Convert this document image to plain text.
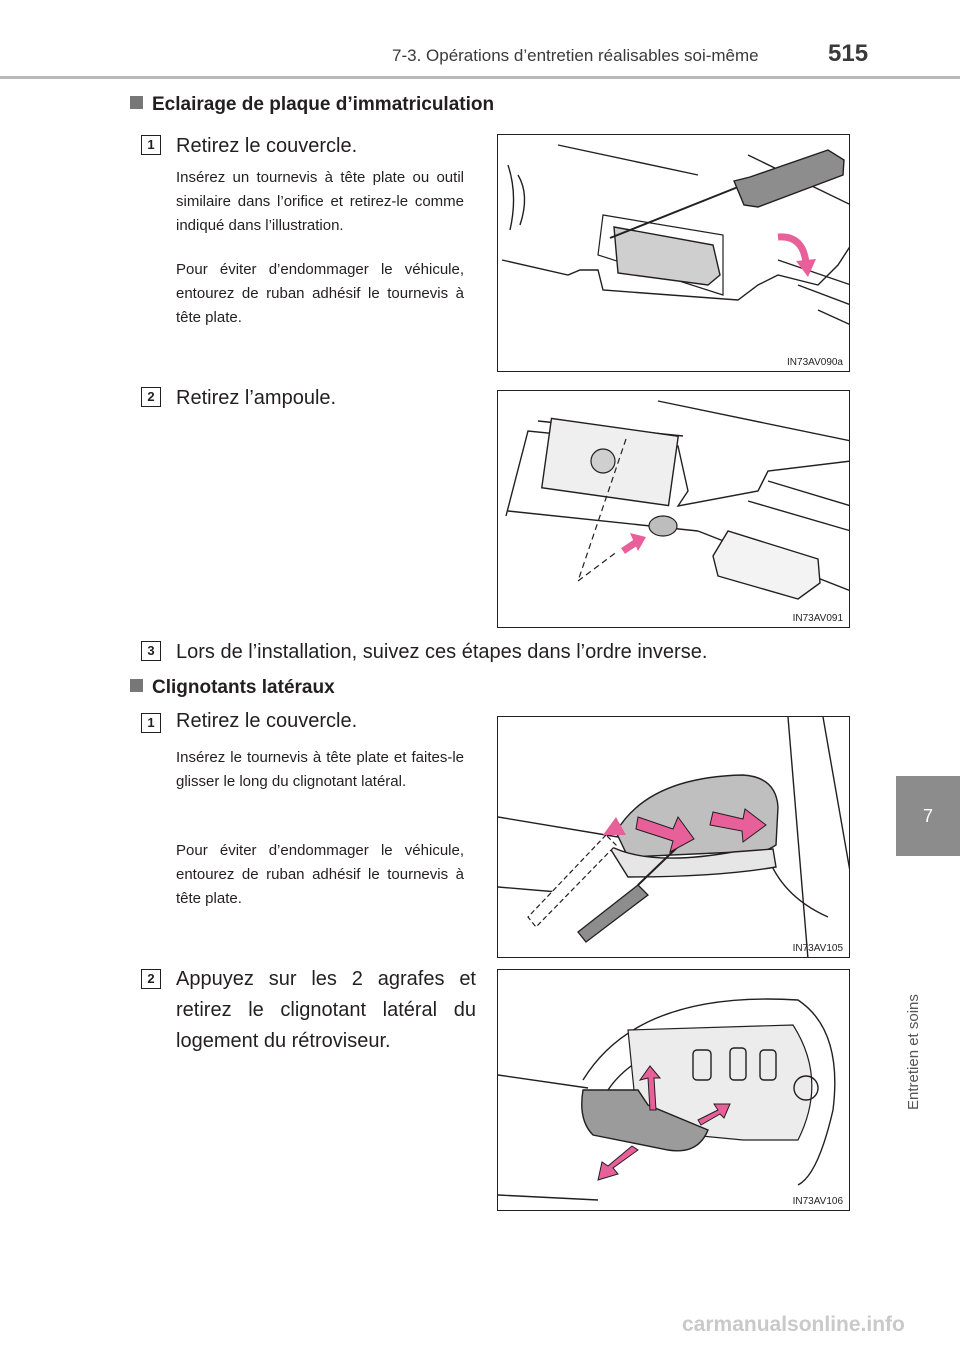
7-3. Opérations d’entretien réalisables soi-même	515
7
Entretien et soins
Eclairage de plaque d’immatriculation
1	Retirez le couvercle.
Insérez un tournevis à tête plate ou outil similaire dans l’orifice et retirez-le comme indiqué dans l’illustration.
Pour éviter d’endommager le véhicule, entourez de ruban adhésif le tournevis à tête plate.
IN73AV090a
2	Retirez l’ampoule.
IN73AV091
3	Lors de l’installation, suivez ces étapes dans l’ordre inverse.
Clignotants latéraux
1	Retirez le couvercle.
Insérez le tournevis à tête plate et faites-le glisser le long du clignotant latéral.
Pour éviter d’endommager le véhicule, entourez de ruban adhésif le tournevis à tête plate.
IN73AV105
2	Appuyez sur les 2 agrafes et retirez le clignotant latéral du logement du rétroviseur.
IN73AV106
carmanualsonline.info
